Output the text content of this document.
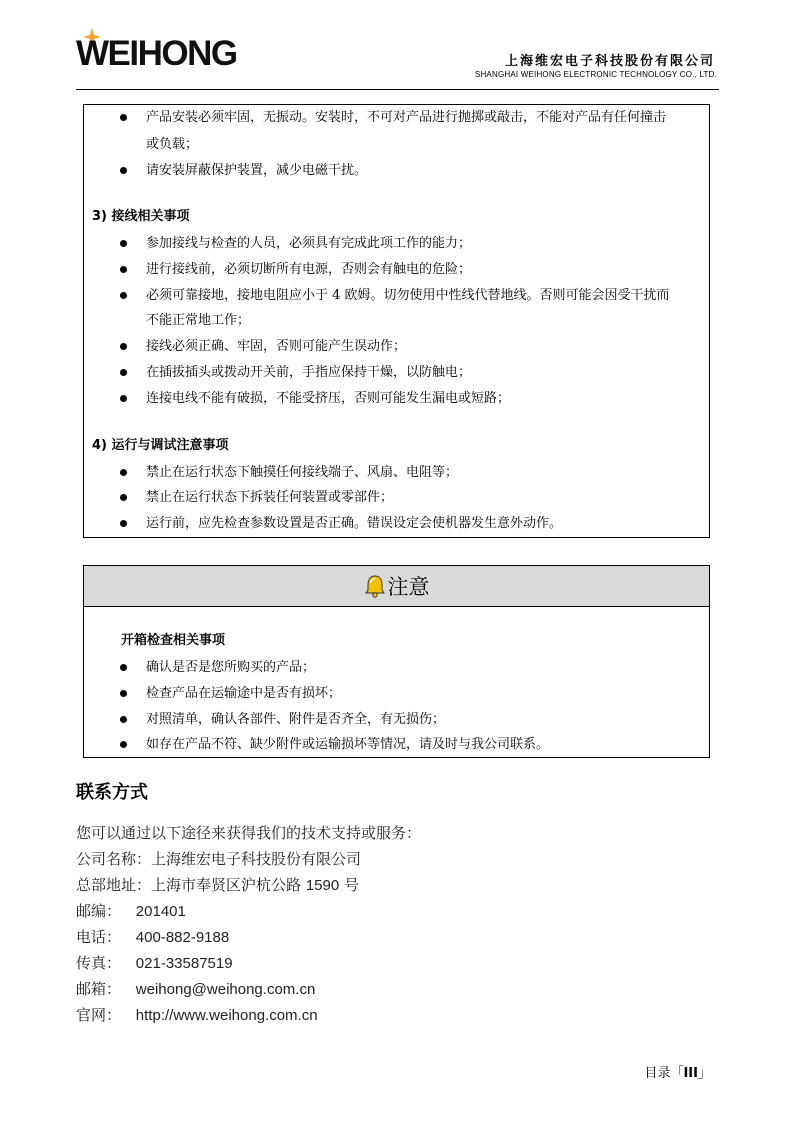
WEIHONG	上海维宏电子科技股份有限公司
SHANGHAI WEIHONG ELECTRONIC TECHNOLOGY CO., LTD.
产品安装必须牢固，无振动。安装时，不可对产品进行抛掷或敲击，不能对产品有任何撞击
或负载；
请安装屏蔽保护装置，减少电磁干扰。
3) 接线相关事项
参加接线与检查的人员，必须具有完成此项工作的能力；
进行接线前，必须切断所有电源，否则会有触电的危险；
必须可靠接地，接地电阻应小于 4 欧姆。切勿使用中性线代替地线。否则可能会因受干扰而
不能正常地工作；
接线必须正确、牢固，否则可能产生误动作；
在插拔插头或拨动开关前，手指应保持干燥，以防触电；
连接电线不能有破损，不能受挤压，否则可能发生漏电或短路；
4) 运行与调试注意事项
禁止在运行状态下触摸任何接线端子、风扇、电阻等；
禁止在运行状态下拆装任何装置或零部件；
运行前，应先检查参数设置是否正确。错误设定会使机器发生意外动作。
注意
开箱检查相关事项
确认是否是您所购买的产品；
检查产品在运输途中是否有损坏；
对照清单，确认各部件、附件是否齐全，有无损伤；
如存在产品不符、缺少附件或运输损坏等情况，请及时与我公司联系。
联系方式
您可以通过以下途径来获得我们的技术支持或服务：
公司名称：上海维宏电子科技股份有限公司
总部地址：上海市奉贤区沪杭公路 1590 号
邮编： 201401
电话： 400-882-9188
传真： 021-33587519
邮箱： weihong@weihong.com.cn
官网： http://www.weihong.com.cn
目录「III」
